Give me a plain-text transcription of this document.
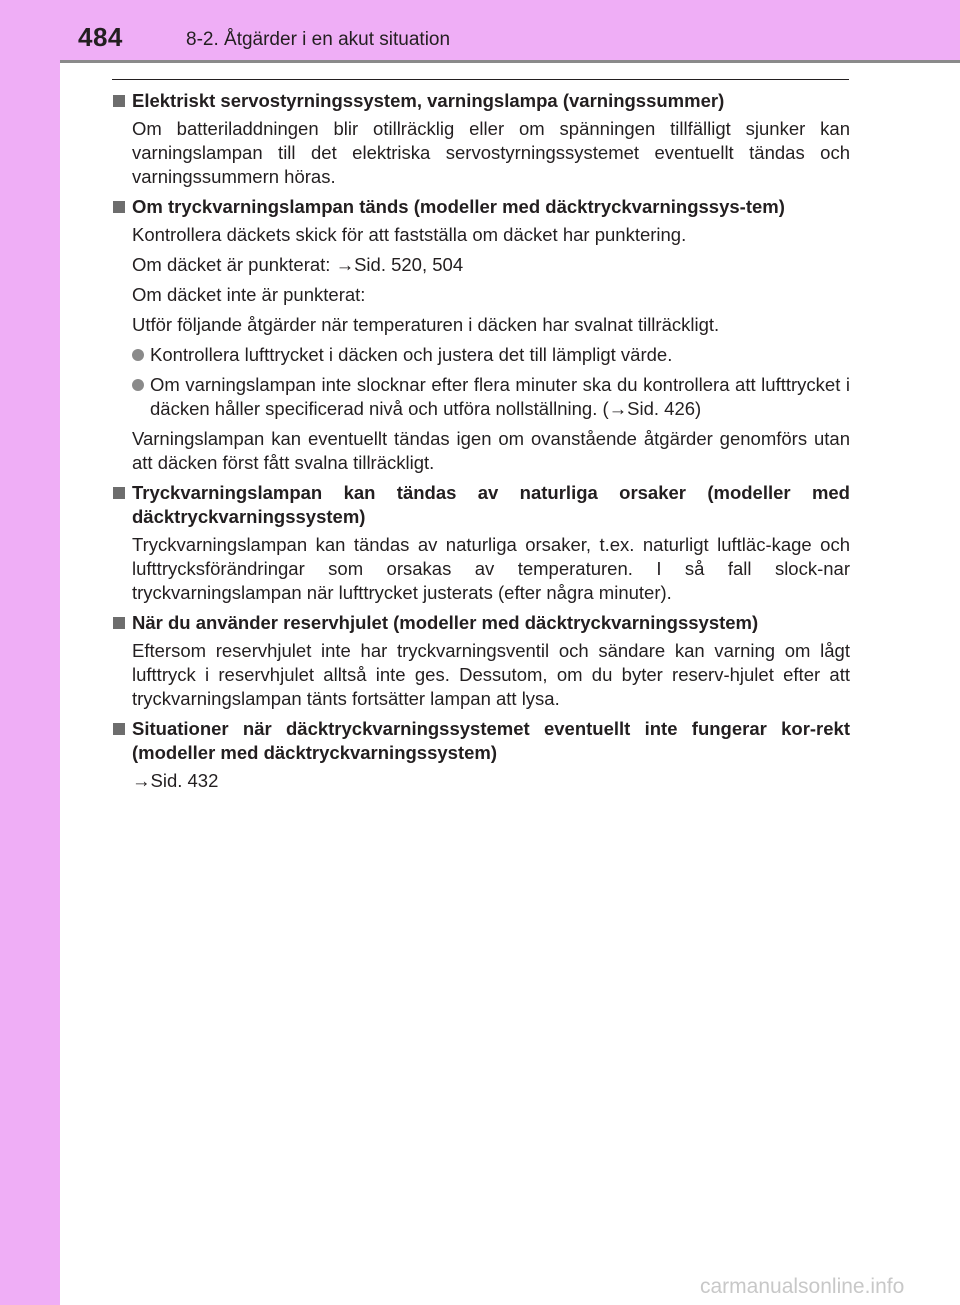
484	8-2. Åtgärder i en akut situation
Elektriskt servostyrningssystem, varningslampa (varningssummer)
Om batteriladdningen blir otillräcklig eller om spänningen tillfälligt sjunker kan varningslampan till det elektriska servostyrningssystemet eventuellt tändas och varningssummern höras.
Om tryckvarningslampan tänds (modeller med däcktryckvarningssys-tem)
Kontrollera däckets skick för att fastställa om däcket har punktering.
Om däcket är punkterat: →Sid. 520, 504
Om däcket inte är punkterat:
Utför följande åtgärder när temperaturen i däcken har svalnat tillräckligt.
Kontrollera lufttrycket i däcken och justera det till lämpligt värde.
Om varningslampan inte slocknar efter flera minuter ska du kontrollera att lufttrycket i däcken håller specificerad nivå och utföra nollställning. (→Sid. 426)
Varningslampan kan eventuellt tändas igen om ovanstående åtgärder genomförs utan att däcken först fått svalna tillräckligt.
Tryckvarningslampan kan tändas av naturliga orsaker (modeller med däcktryckvarningssystem)
Tryckvarningslampan kan tändas av naturliga orsaker, t.ex. naturligt luftläc-kage och lufttrycksförändringar som orsakas av temperaturen. I så fall slock-nar tryckvarningslampan när lufttrycket justerats (efter några minuter).
När du använder reservhjulet (modeller med däcktryckvarningssystem)
Eftersom reservhjulet inte har tryckvarningsventil och sändare kan varning om lågt lufttryck i reservhjulet alltså inte ges. Dessutom, om du byter reserv-hjulet efter att tryckvarningslampan tänts fortsätter lampan att lysa.
Situationer när däcktryckvarningssystemet eventuellt inte fungerar kor-rekt (modeller med däcktryckvarningssystem)
→Sid. 432
carmanualsonline.info
